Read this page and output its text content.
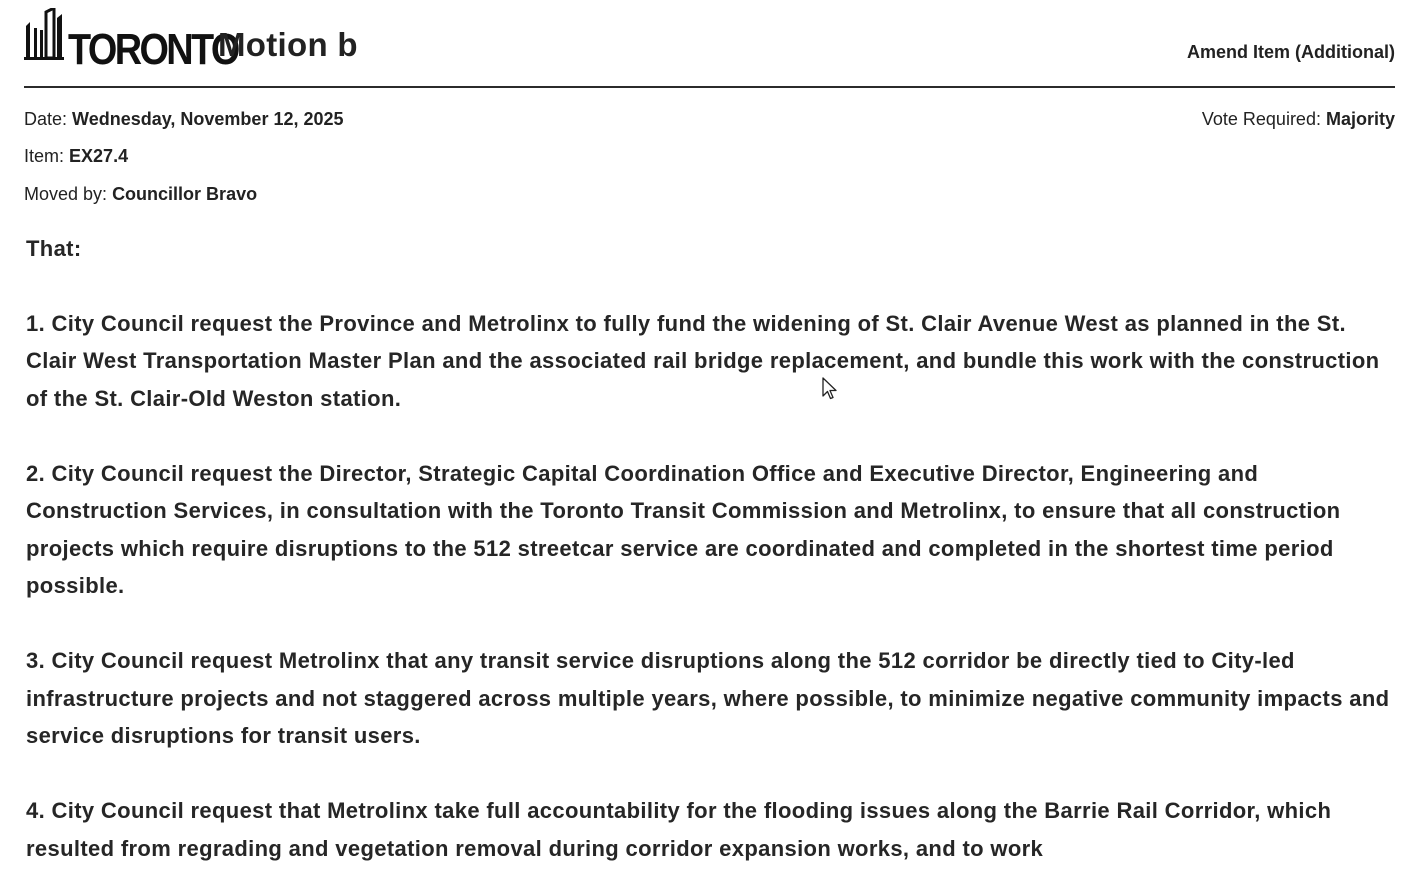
TORONTO
Motion b	Amend Item (Additional)
Date: Wednesday, November 12, 2025	Vote Required: Majority
Item: EX27.4
Moved by: Councillor Bravo

That:

1. City Council request the Province and Metrolinx to fully fund the widening of St. Clair Avenue West as planned in the St. Clair West Transportation Master Plan and the associated rail bridge replacement, and bundle this work with the construction of the St. Clair-Old Weston station.

2. City Council request the Director, Strategic Capital Coordination Office and Executive Director, Engineering and Construction Services, in consultation with the Toronto Transit Commission and Metrolinx, to ensure that all construction projects which require disruptions to the 512 streetcar service are coordinated and completed in the shortest time period possible.

3. City Council request Metrolinx that any transit service disruptions along the 512 corridor be directly tied to City-led infrastructure projects and not staggered across multiple years, where possible, to minimize negative community impacts and service disruptions for transit users.

4. City Council request that Metrolinx take full accountability for the flooding issues along the Barrie Rail Corridor, which resulted from regrading and vegetation removal during corridor expansion works, and to work
